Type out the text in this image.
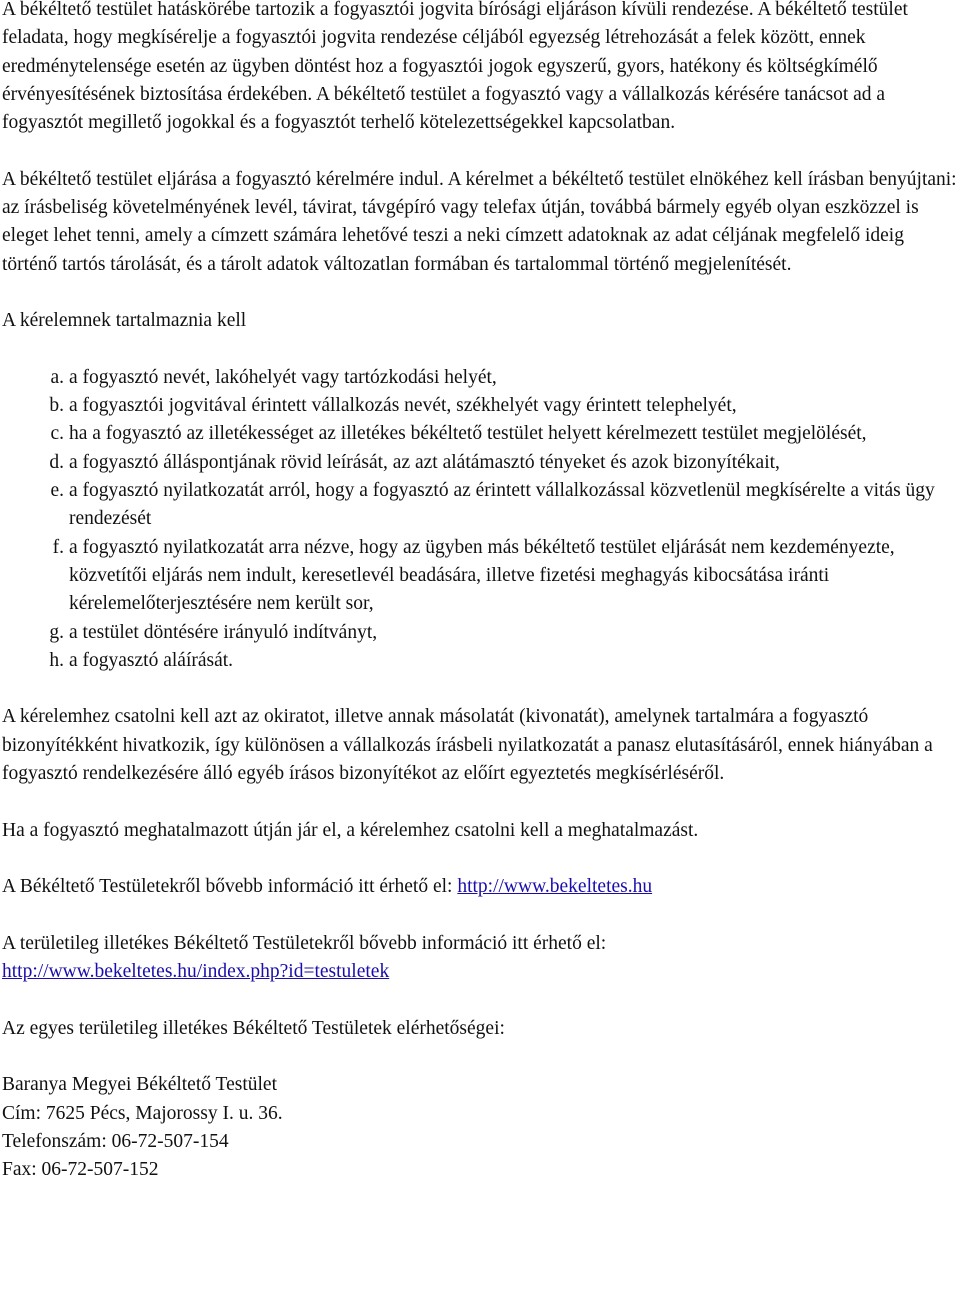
A békéltető testület hatáskörébe tartozik a fogyasztói jogvita bírósági eljáráson kívüli rendezése. A békéltető testület feladata, hogy megkísérelje a fogyasztói jogvita rendezése céljából egyezség létrehozását a felek között, ennek eredménytelensége esetén az ügyben döntést hoz a fogyasztói jogok egyszerű, gyors, hatékony és költségkímélő érvényesítésének biztosítása érdekében. A békéltető testület a fogyasztó vagy a vállalkozás kérésére tanácsot ad a fogyasztót megillető jogokkal és a fogyasztót terhelő kötelezettségekkel kapcsolatban.

A békéltető testület eljárása a fogyasztó kérelmére indul. A kérelmet a békéltető testület elnökéhez kell írásban benyújtani: az írásbeliség követelményének levél, távirat, távgépíró vagy telefax útján, továbbá bármely egyéb olyan eszközzel is eleget lehet tenni, amely a címzett számára lehetővé teszi a neki címzett adatoknak az adat céljának megfelelő ideig történő tartós tárolását, és a tárolt adatok változatlan formában és tartalommal történő megjelenítését.

A kérelemnek tartalmaznia kell

a. a fogyasztó nevét, lakóhelyét vagy tartózkodási helyét,
b. a fogyasztói jogvitával érintett vállalkozás nevét, székhelyét vagy érintett telephelyét,
c. ha a fogyasztó az illetékességet az illetékes békéltető testület helyett kérelmezett testület megjelölését,
d. a fogyasztó álláspontjának rövid leírását, az azt alátámasztó tényeket és azok bizonyítékait,
e. a fogyasztó nyilatkozatát arról, hogy a fogyasztó az érintett vállalkozással közvetlenül megkísérelte a vitás ügy rendezését
f. a fogyasztó nyilatkozatát arra nézve, hogy az ügyben más békéltető testület eljárását nem kezdeményezte, közvetítői eljárás nem indult, keresetlevél beadására, illetve fizetési meghagyás kibocsátása iránti kérelemelőterjesztésére nem került sor,
g. a testület döntésére irányuló indítványt,
h. a fogyasztó aláírását.

A kérelemhez csatolni kell azt az okiratot, illetve annak másolatát (kivonatát), amelynek tartalmára a fogyasztó bizonyítékként hivatkozik, így különösen a vállalkozás írásbeli nyilatkozatát a panasz elutasításáról, ennek hiányában a fogyasztó rendelkezésére álló egyéb írásos bizonyítékot az előírt egyeztetés megkísérléséről.

Ha a fogyasztó meghatalmazott útján jár el, a kérelemhez csatolni kell a meghatalmazást.

A Békéltető Testületekről bővebb információ itt érhető el: http://www.bekeltetes.hu

A területileg illetékes Békéltető Testületekről bővebb információ itt érhető el:
http://www.bekeltetes.hu/index.php?id=testuletek

Az egyes területileg illetékes Békéltető Testületek elérhetőségei:

Baranya Megyei Békéltető Testület
Cím: 7625 Pécs, Majorossy I. u. 36.
Telefonszám: 06-72-507-154
Fax: 06-72-507-152
